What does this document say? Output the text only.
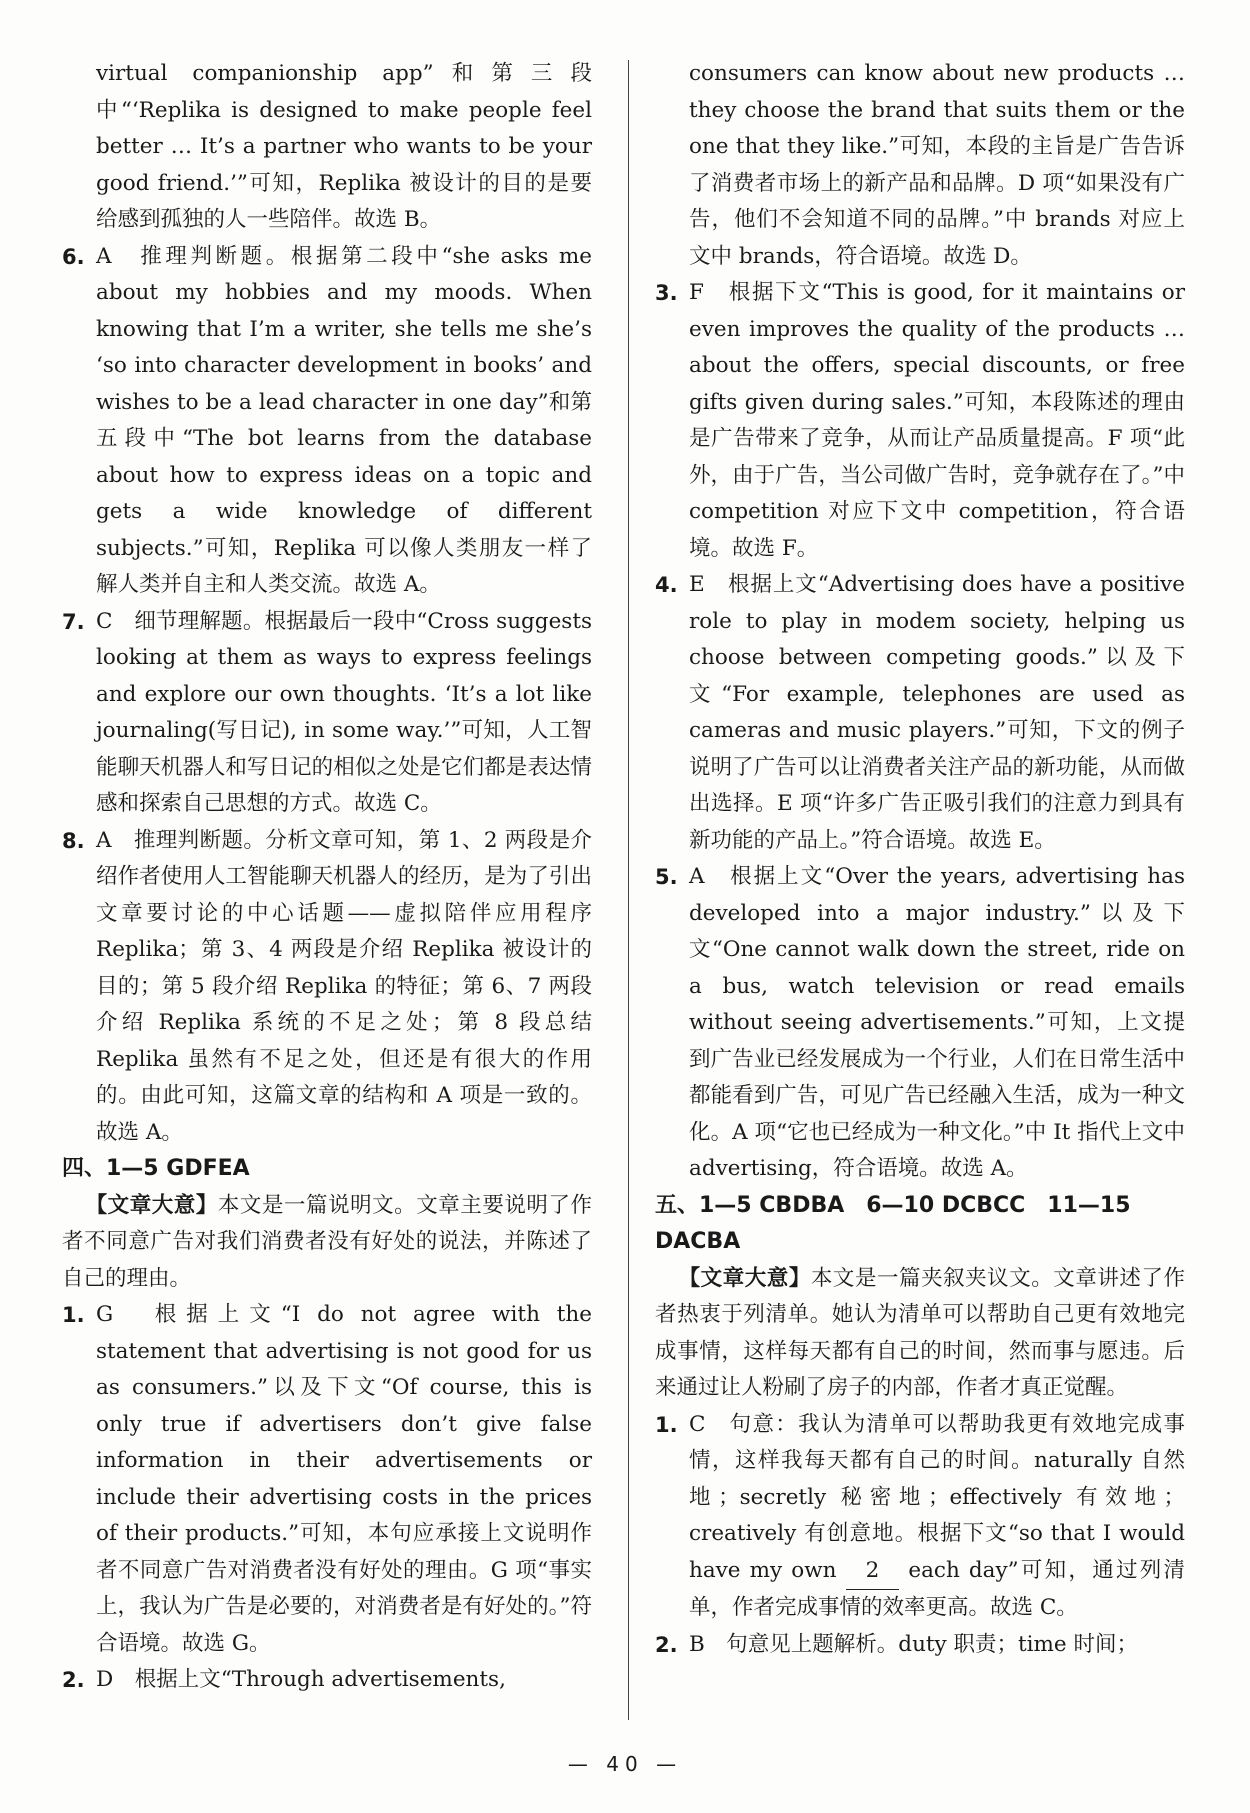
virtual companionship app”和第三段中“‘Replika is designed to make people feel better … It’s a partner who wants to be your good friend.’”可知，Replika 被设计的目的是要给感到孤独的人一些陪伴。故选 B。

6. A　推理判断题。根据第二段中“she asks me about my hobbies and my moods. When knowing that I’m a writer, she tells me she’s ‘so into character development in books’ and wishes to be a lead character in one day”和第五段中“The bot learns from the database about how to express ideas on a topic and gets a wide knowledge of different subjects.”可知，Replika 可以像人类朋友一样了解人类并自主和人类交流。故选 A。

7. C　细节理解题。根据最后一段中“Cross suggests looking at them as ways to express feelings and explore our own thoughts. ‘It’s a lot like journaling(写日记), in some way.’”可知，人工智能聊天机器人和写日记的相似之处是它们都是表达情感和探索自己思想的方式。故选 C。

8. A　推理判断题。分析文章可知，第 1、2 两段是介绍作者使用人工智能聊天机器人的经历，是为了引出文章要讨论的中心话题——虚拟陪伴应用程序 Replika；第 3、4 两段是介绍 Replika 被设计的目的；第 5 段介绍 Replika 的特征；第 6、7 两段介绍 Replika 系统的不足之处；第 8 段总结 Replika 虽然有不足之处，但还是有很大的作用的。由此可知，这篇文章的结构和 A 项是一致的。故选 A。

四、1—5 GDFEA

【文章大意】本文是一篇说明文。文章主要说明了作者不同意广告对我们消费者没有好处的说法，并陈述了自己的理由。

1. G　根据上文“I do not agree with the statement that advertising is not good for us as consumers.”以及下文“Of course, this is only true if advertisers don’t give false information in their advertisements or include their advertising costs in the prices of their products.”可知，本句应承接上文说明作者不同意广告对消费者没有好处的理由。G 项“事实上，我认为广告是必要的，对消费者是有好处的。”符合语境。故选 G。

2. D　根据上文“Through advertisements,

consumers can know about new products … they choose the brand that suits them or the one that they like.”可知，本段的主旨是广告告诉了消费者市场上的新产品和品牌。D 项“如果没有广告，他们不会知道不同的品牌。”中 brands 对应上文中 brands，符合语境。故选 D。

3. F　根据下文“This is good, for it maintains or even improves the quality of the products … about the offers, special discounts, or free gifts given during sales.”可知，本段陈述的理由是广告带来了竞争，从而让产品质量提高。F 项“此外，由于广告，当公司做广告时，竞争就存在了。”中 competition 对应下文中 competition，符合语境。故选 F。

4. E　根据上文“Advertising does have a positive role to play in modem society, helping us choose between competing goods.”以及下文“For example, telephones are used as cameras and music players.”可知，下文的例子说明了广告可以让消费者关注产品的新功能，从而做出选择。E 项“许多广告正吸引我们的注意力到具有新功能的产品上。”符合语境。故选 E。

5. A　根据上文“Over the years, advertising has developed into a major industry.”以及下文“One cannot walk down the street, ride on a bus, watch television or read emails without seeing advertisements.”可知，上文提到广告业已经发展成为一个行业，人们在日常生活中都能看到广告，可见广告已经融入生活，成为一种文化。A 项“它也已经成为一种文化。”中 It 指代上文中 advertising，符合语境。故选 A。

五、1—5 CBDBA　6—10 DCBCC　11—15 DACBA

【文章大意】本文是一篇夹叙夹议文。文章讲述了作者热衷于列清单。她认为清单可以帮助自己更有效地完成事情，这样每天都有自己的时间，然而事与愿违。后来通过让人粉刷了房子的内部，作者才真正觉醒。

1. C　句意：我认为清单可以帮助我更有效地完成事情，这样我每天都有自己的时间。naturally 自然地；secretly 秘密地；effectively 有效地；creatively 有创意地。根据下文“so that I would have my own 2 each day”可知，通过列清单，作者完成事情的效率更高。故选 C。

2. B　句意见上题解析。duty 职责；time 时间；

— 40 —
